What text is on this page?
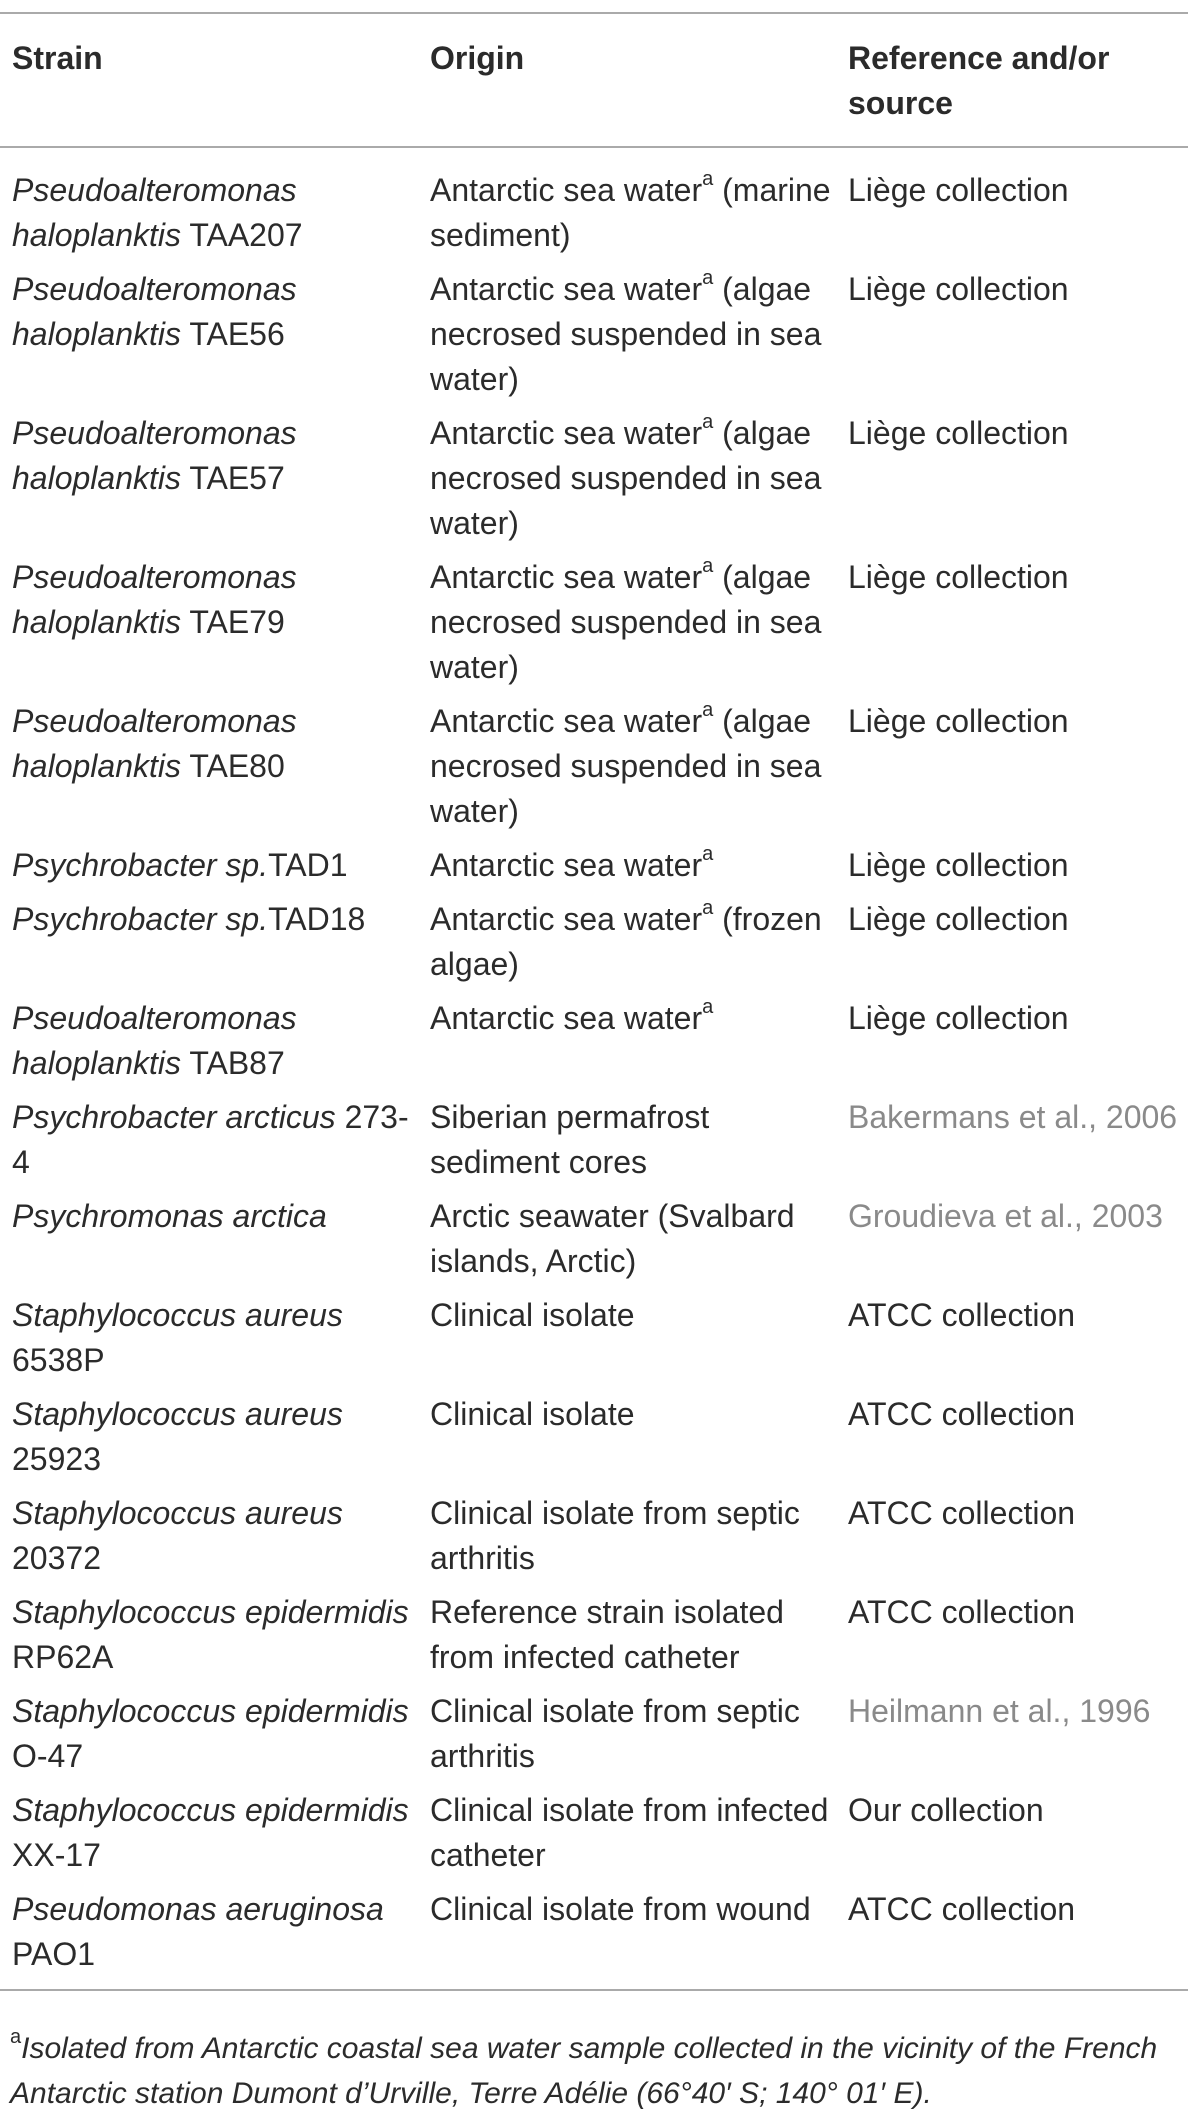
Strain	Origin	Reference and/or source
Pseudoalteromonas haloplanktis TAA207	Antarctic sea water$^a$ (marine sediment)	Liège collection
Pseudoalteromonas haloplanktis TAE56	Antarctic sea water$^a$ (algae necrosed suspended in sea water)	Liège collection
Pseudoalteromonas haloplanktis TAE57	Antarctic sea water$^a$ (algae necrosed suspended in sea water)	Liège collection
Pseudoalteromonas haloplanktis TAE79	Antarctic sea water$^a$ (algae necrosed suspended in sea water)	Liège collection
Pseudoalteromonas haloplanktis TAE80	Antarctic sea water$^a$ (algae necrosed suspended in sea water)	Liège collection
Psychrobacter sp.TAD1	Antarctic sea water$^a$	Liège collection
Psychrobacter sp.TAD18	Antarctic sea water$^a$ (frozen algae)	Liège collection
Pseudoalteromonas haloplanktis TAB87	Antarctic sea water$^a$	Liège collection
Psychrobacter arcticus 273-4	Siberian permafrost sediment cores	Bakermans et al., 2006
Psychromonas arctica	Arctic seawater (Svalbard islands, Arctic)	Groudieva et al., 2003
Staphylococcus aureus 6538P	Clinical isolate	ATCC collection
Staphylococcus aureus 25923	Clinical isolate	ATCC collection
Staphylococcus aureus 20372	Clinical isolate from septic arthritis	ATCC collection
Staphylococcus epidermidis RP62A	Reference strain isolated from infected catheter	ATCC collection
Staphylococcus epidermidis O-47	Clinical isolate from septic arthritis	Heilmann et al., 1996
Staphylococcus epidermidis XX-17	Clinical isolate from infected catheter	Our collection
Pseudomonas aeruginosa PAO1	Clinical isolate from wound	ATCC collection
$^a$Isolated from Antarctic coastal sea water sample collected in the vicinity of the French Antarctic station Dumont d’Urville, Terre Adélie (66°40′ S; 140° 01′ E).
